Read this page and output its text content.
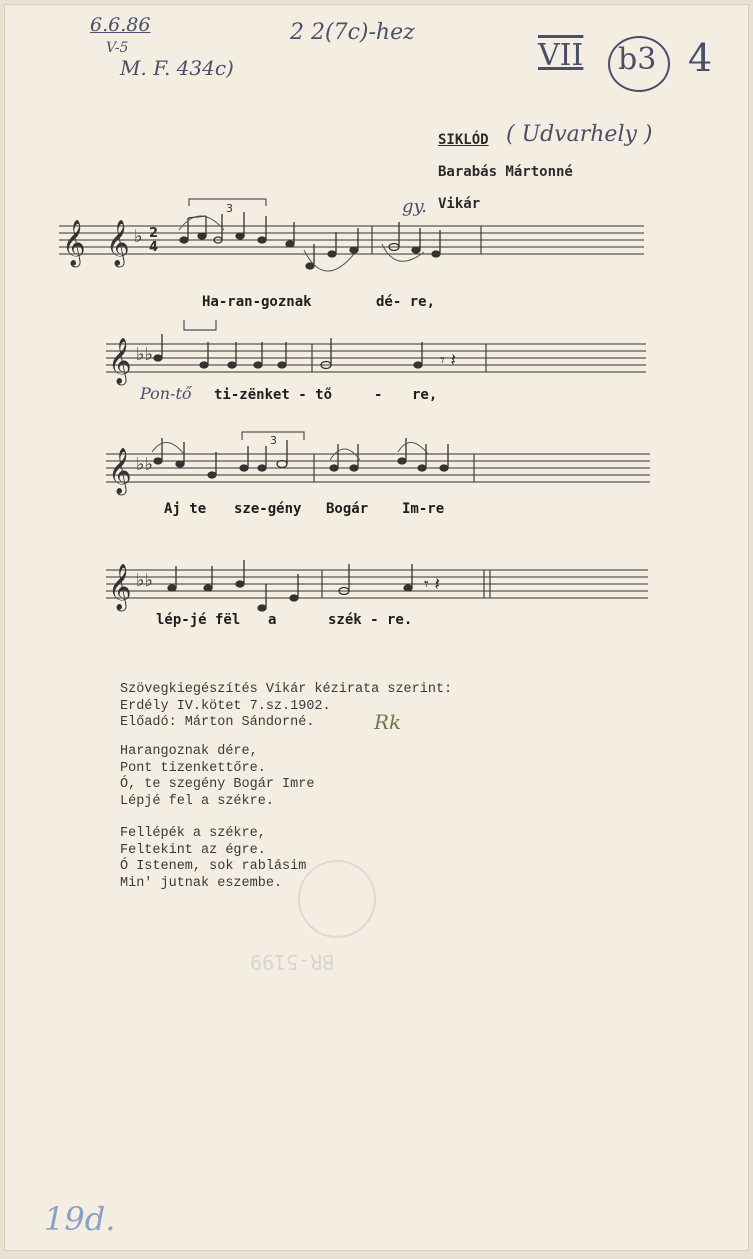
6.6.86
V-5
M. F. 434c)
2 2(7c)-hez
VII b3 4
SIKLÓD ( Udvarhely )
Barabás Mártonné
gy. Vikár
𝄞 𝄞 ♭ 2
4
3
Ha-ran-goznak	dé- re,
𝄞 ♭♭	𝄾 𝄽
Pon-tő ti-zënket - tő	- re,
𝄞 ♭♭
3
Aj te sze-gény Bogár Im-re
𝄞 ♭♭	𝄾 𝄽
lép-jé fël a	szék - re.
Szövegkiegészítés Vikár kézirata szerint:
Erdély IV.kötet 7.sz.1902.
Előadó: Márton Sándorné.	Rk
Harangoznak dére,
Pont tizenkettőre.
Ó, te szegény Bogár Imre
Lépjé fel a székre.
Fellépék a székre,
Feltekint az égre.
Ó Istenem, sok rablásim
Min' jutnak eszembe.
BR-5199
19d.
